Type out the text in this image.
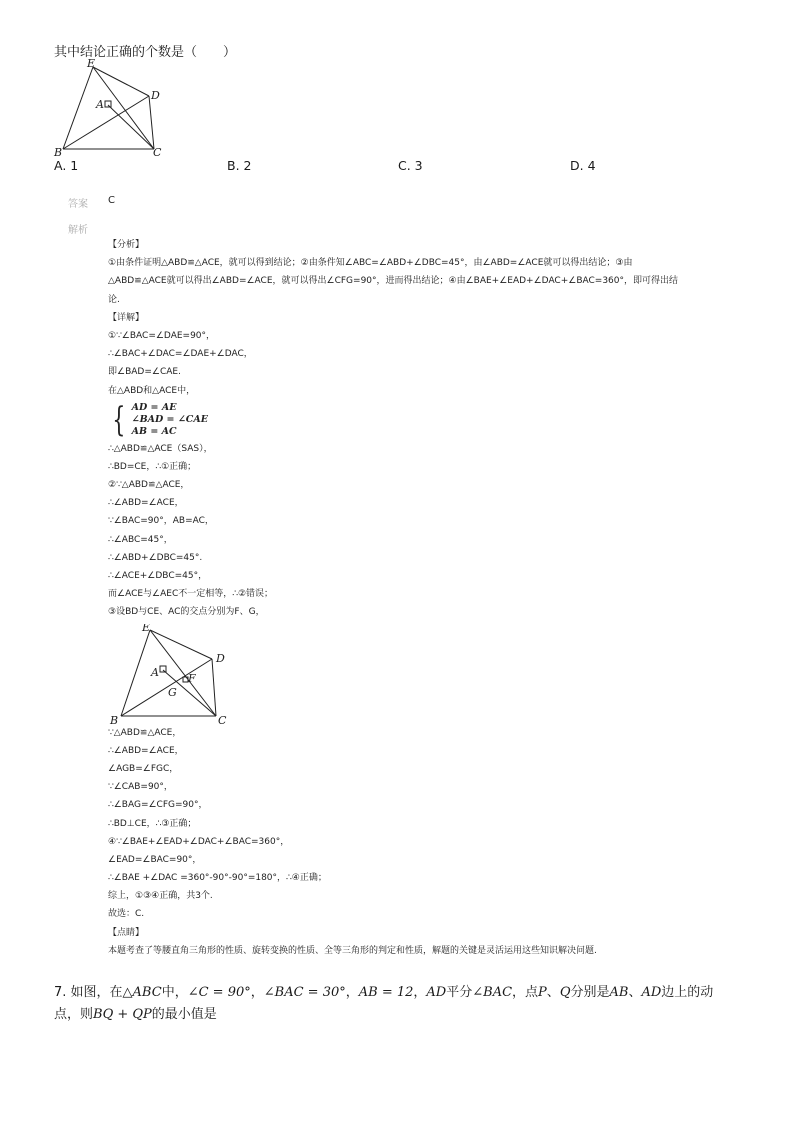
其中结论正确的个数是（　　）
E
A
D
B	C
A. 1	B. 2	C. 3	D. 4
答案 C
解析
【分析】
①由条件证明△ABD≌△ACE，就可以得到结论；②由条件知∠ABC=∠ABD+∠DBC=45°，由∠ABD=∠ACE就可以得出结论；③由
△ABD≌△ACE就可以得出∠ABD=∠ACE，就可以得出∠CFG=90°，进而得出结论；④由∠BAE+∠EAD+∠DAC+∠BAC=360°，即可得出结
论.
【详解】
①∵∠BAC=∠DAE=90°，
∴∠BAC+∠DAC=∠DAE+∠DAC，
即∠BAD=∠CAE.
在△ABD和△ACE中，
{ AD = AE
∠BAD = ∠CAE
AB = AC
∴△ABD≌△ACE（SAS），
∴BD=CE，∴①正确；
②∵△ABD≌△ACE，
∴∠ABD=∠ACE，
∵∠BAC=90°，AB=AC，
∴∠ABC=45°，
∴∠ABD+∠DBC=45°.
∴∠ACE+∠DBC=45°，
而∠ACE与∠AEC不一定相等，∴②错误；
③设BD与CE、AC的交点分别为F、G，
E
A
D
F
G
B	C
∵△ABD≌△ACE，
∴∠ABD=∠ACE，
∠AGB=∠FGC，
∵∠CAB=90°，
∴∠BAG=∠CFG=90°，
∴BD⊥CE，∴③正确；
④∵∠BAE+∠EAD+∠DAC+∠BAC=360°，
∠EAD=∠BAC=90°，
∴∠BAE +∠DAC =360°-90°-90°=180°，∴④正确；
综上，①③④正确，共3个.
故选：C.
【点睛】
本题考查了等腰直角三角形的性质、旋转变换的性质、全等三角形的判定和性质，解题的关键是灵活运用这些知识解决问题.
7. 如图，在△ABC中，∠C = 90°，∠BAC = 30°，AB = 12，AD平分∠BAC，点P、Q分别是AB、AD边上的动
点，则BQ + QP的最小值是
